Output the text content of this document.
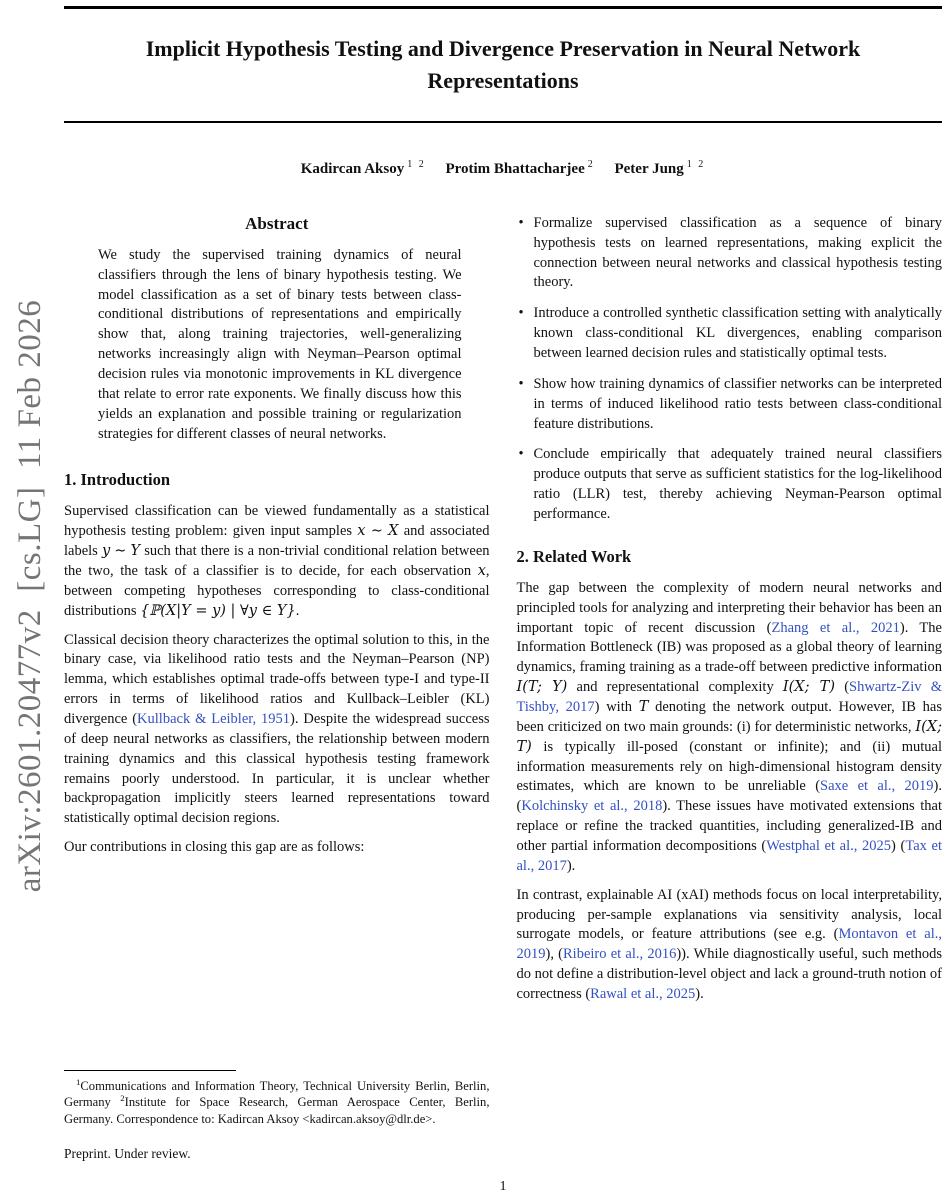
arXiv:2601.20477v2  [cs.LG]  11 Feb 2026
Implicit Hypothesis Testing and Divergence Preservation in Neural Network Representations
Kadircan Aksoy $^{1 2}$ Protim Bhattacharjee $^2$ Peter Jung $^{1 2}$
Abstract
We study the supervised training dynamics of neural classifiers through the lens of binary hypothesis testing. We model classification as a set of binary tests between class-conditional distributions of representations and empirically show that, along training trajectories, well-generalizing networks increasingly align with Neyman–Pearson optimal decision rules via monotonic improvements in KL divergence that relate to error rate exponents. We finally discuss how this yields an explanation and possible training or regularization strategies for different classes of neural networks.
1. Introduction

Supervised classification can be viewed fundamentally as a statistical hypothesis testing problem: given input samples x ∼ X and associated labels y ∼ Y such that there is a non-trivial conditional relation between the two, the task of a classifier is to decide, for each observation x, between competing hypotheses corresponding to class-conditional distributions {ℙ(X|Y = y) | ∀y ∈ Y}.

Classical decision theory characterizes the optimal solution to this, in the binary case, via likelihood ratio tests and the Neyman–Pearson (NP) lemma, which establishes optimal trade-offs between type-I and type-II errors in terms of likelihood ratios and Kullback–Leibler (KL) divergence (Kullback & Leibler, 1951). Despite the widespread success of deep neural networks as classifiers, the relationship between modern training dynamics and this classical hypothesis testing framework remains poorly understood. In particular, it is unclear whether backpropagation implicitly steers learned representations toward statistically optimal decision regions.

Our contributions in closing this gap are as follows:

$^1$Communications and Information Theory, Technical University Berlin, Berlin, Germany $^2$Institute for Space Research, German Aerospace Center, Berlin, Germany. Correspondence to: Kadircan Aksoy <kadircan.aksoy@dlr.de>.

Preprint. Under review.

• Formalize supervised classification as a sequence of binary hypothesis tests on learned representations, making explicit the connection between neural networks and classical hypothesis testing theory.
• Introduce a controlled synthetic classification setting with analytically known class-conditional KL divergences, enabling comparison between learned decision rules and statistically optimal tests.
• Show how training dynamics of classifier networks can be interpreted in terms of induced likelihood ratio tests between class-conditional feature distributions.
• Conclude empirically that adequately trained neural classifiers produce outputs that serve as sufficient statistics for the log-likelihood ratio (LLR) test, thereby achieving Neyman-Pearson optimal performance.
2. Related Work

The gap between the complexity of modern neural networks and principled tools for analyzing and interpreting their behavior has been an important topic of recent discussion (Zhang et al., 2021). The Information Bottleneck (IB) was proposed as a global theory of learning dynamics, framing training as a trade-off between predictive information I(T; Y) and representational complexity I(X; T) (Shwartz-Ziv & Tishby, 2017) with T denoting the network output. However, IB has been criticized on two main grounds: (i) for deterministic networks, I(X; T) is typically ill-posed (constant or infinite); and (ii) mutual information measurements rely on high-dimensional histogram density estimates, which are known to be unreliable (Saxe et al., 2019). (Kolchinsky et al., 2018). These issues have motivated extensions that replace or refine the tracked quantities, including generalized-IB and other partial information decompositions (Westphal et al., 2025) (Tax et al., 2017).

In contrast, explainable AI (xAI) methods focus on local interpretability, producing per-sample explanations via sensitivity analysis, local surrogate models, or feature attributions (see e.g. (Montavon et al., 2019), (Ribeiro et al., 2016)). While diagnostically useful, such methods do not define a distribution-level object and lack a ground-truth notion of correctness (Rawal et al., 2025).

1
